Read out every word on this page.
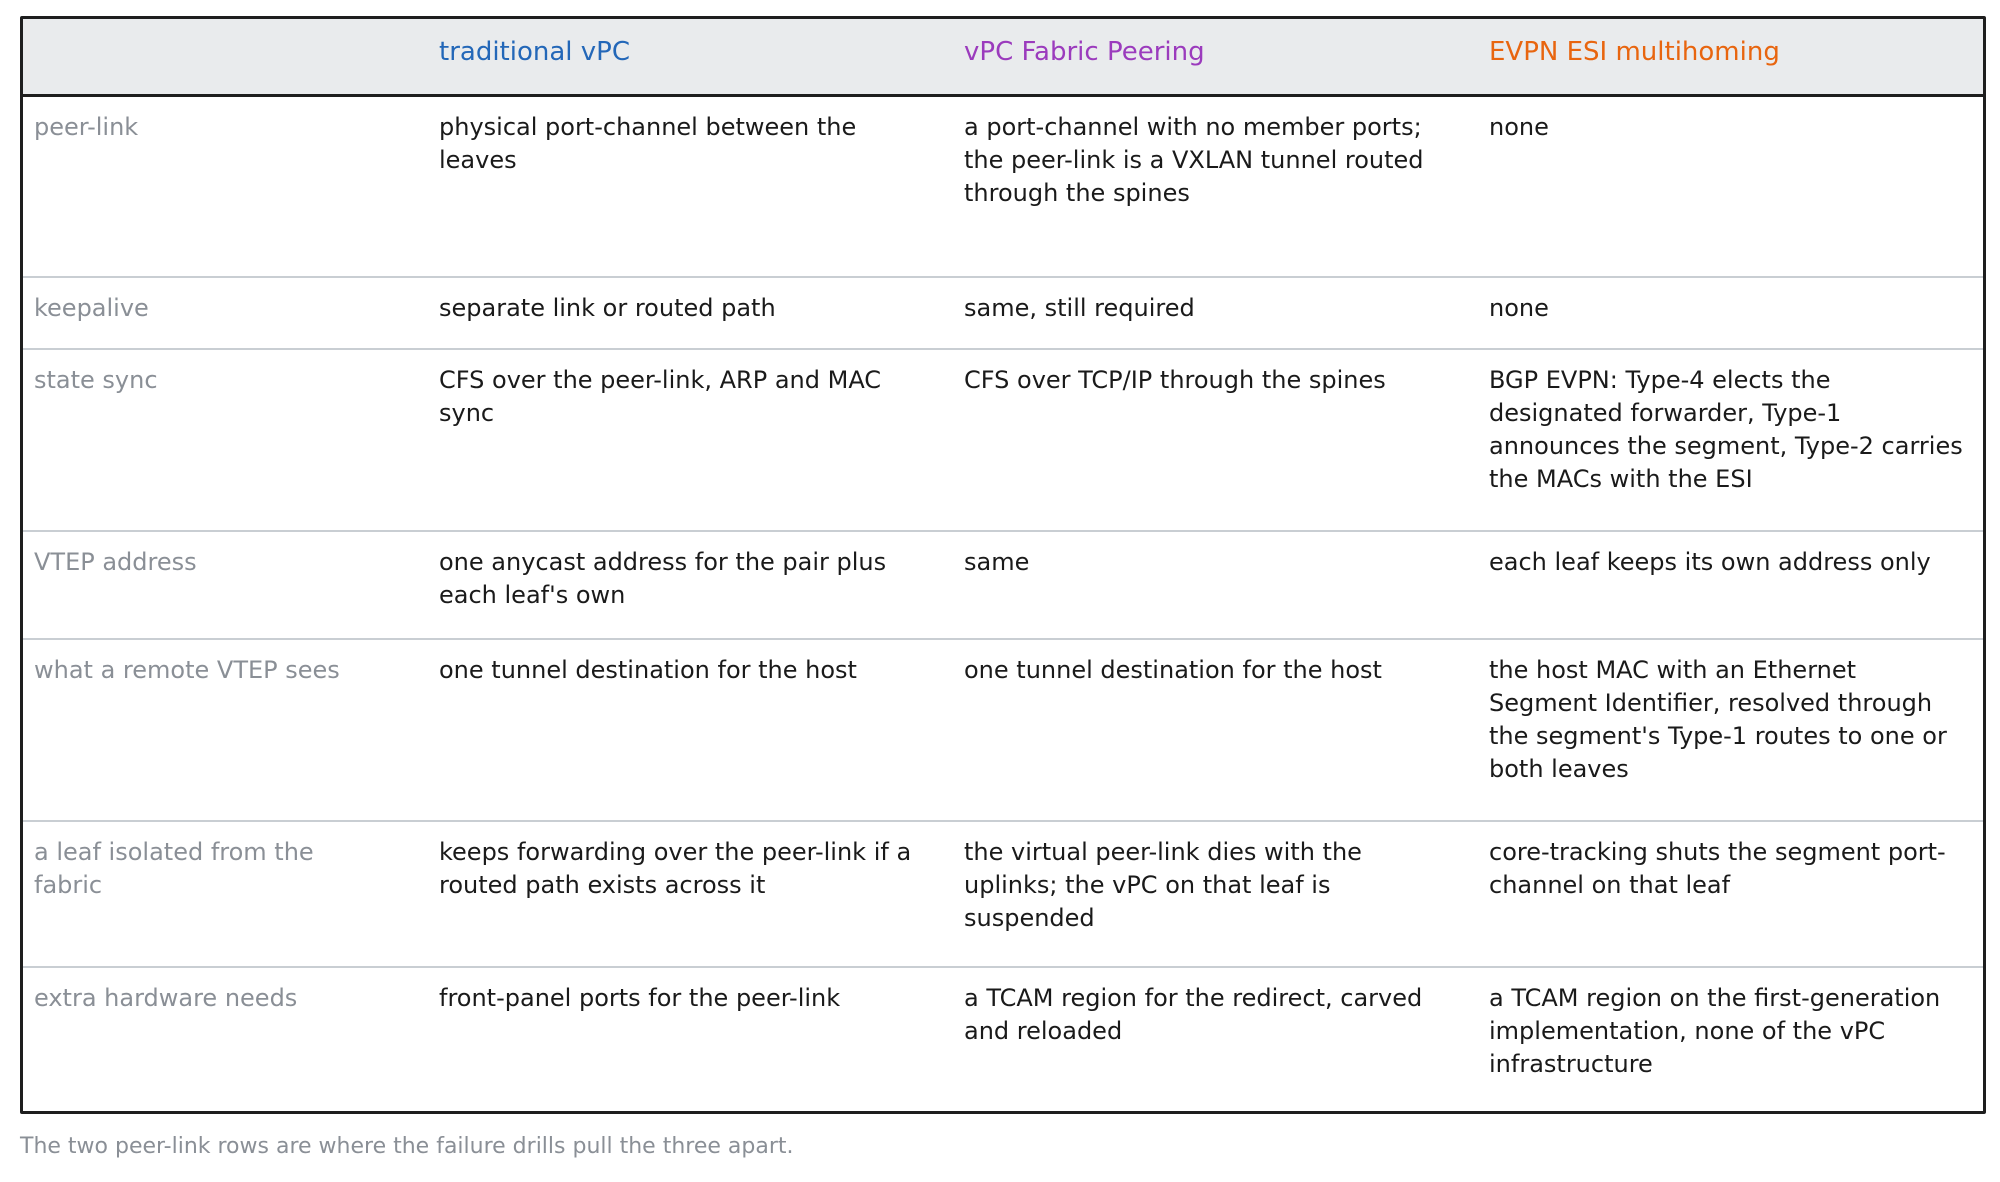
	traditional vPC	vPC Fabric Peering	EVPN ESI multihoming
peer-link	physical port-channel between the leaves	a port-channel with no member ports; the peer-link is a VXLAN tunnel routed through the spines	none
keepalive	separate link or routed path	same, still required	none
state sync	CFS over the peer-link, ARP and MAC sync	CFS over TCP/IP through the spines	BGP EVPN: Type-4 elects the designated forwarder, Type-1 announces the segment, Type-2 carries the MACs with the ESI
VTEP address	one anycast address for the pair plus each leaf's own	same	each leaf keeps its own address only
what a remote VTEP sees	one tunnel destination for the host	one tunnel destination for the host	the host MAC with an Ethernet Segment Identifier, resolved through the segment's Type-1 routes to one or both leaves
a leaf isolated from the fabric	keeps forwarding over the peer-link if a routed path exists across it	the virtual peer-link dies with the uplinks; the vPC on that leaf is suspended	core-tracking shuts the segment port-channel on that leaf
extra hardware needs	front-panel ports for the peer-link	a TCAM region for the redirect, carved and reloaded	a TCAM region on the first-generation implementation, none of the vPC infrastructure
The two peer-link rows are where the failure drills pull the three apart.
